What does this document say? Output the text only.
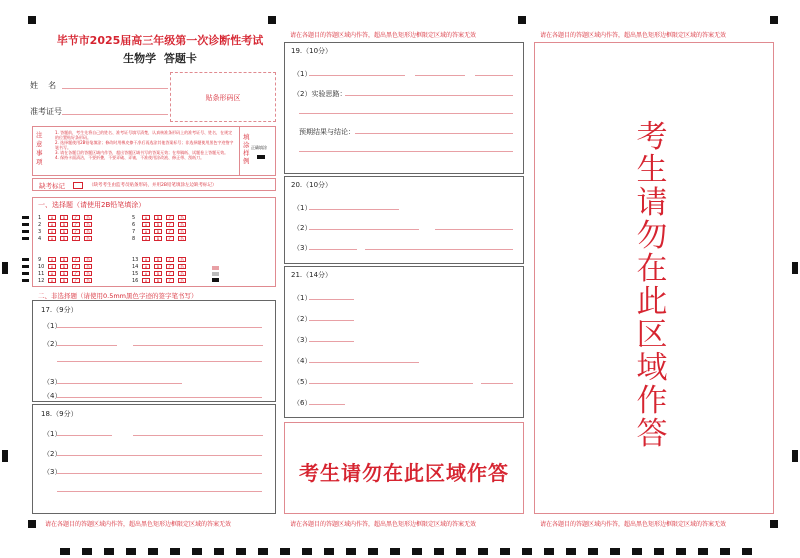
毕节市2025届高三年级第一次诊断性考试
生物学  答题卡
姓    名
准考证号
贴条形码区
注意事项
1. 答题前，考生先将自己的姓名、准考证号填写清楚，认真核准条形码上的准考证号、姓名，在规定的位置贴好条形码。
2. 选择题使用2B铅笔填涂；修改时用橡皮擦干净后再选涂其他答案标号；非选择题使用黑色字迹签字笔书写。
3. 请在各题目的答题区域内作答，超出答题区域书写的答案无效；在草稿纸、试题卷上答题无效。
4. 保持卡面清洁，不要折叠，不要弄破、弄皱，不准使用涂改液、修正带、刮纸刀。
填涂样例
正确填涂
缺考标记	（缺考考生由监考员贴条形码，并用2B铅笔填涂左边缺考标记）
一、选择题（请使用2B铅笔填涂）
1	A	B	C	D
2	A	B	C	D
3	A	B	C	D
4	A	B	C	D
5	A	B	C	D
6	A	B	C	D
7	A	B	C	D
8	A	B	C	D
9	A	B	C	D
10	A	B	C	D
11	A	B	C	D
12	A	B	C	D
13	A	B	C	D
14	A	B	C	D
15	A	B	C	D
16	A	B	C	D
二、非选择题（请使用0.5mm黑色字迹的签字笔书写）
17.（9分）
（1）
（2）
（3）
（4）
18.（9分）
（1）
（2）
（3）
请在各题目的答题区域内作答，超出黑色矩形边框限定区域的答案无效
请在各题目的答题区域内作答，超出黑色矩形边框限定区域的答案无效
19.（10分）
（1）
（2）实验思路：
预期结果与结论：
20.（10分）
（1）
（2）
（3）
21.（14分）
（1）
（2）
（3）
（4）
（5）
（6）
考生请勿在此区域作答
请在各题目的答题区域内作答，超出黑色矩形边框限定区域的答案无效
请在各题目的答题区域内作答，超出黑色矩形边框限定区域的答案无效
考
生
请
勿
在
此
区
域
作
答
请在各题目的答题区域内作答，超出黑色矩形边框限定区域的答案无效
